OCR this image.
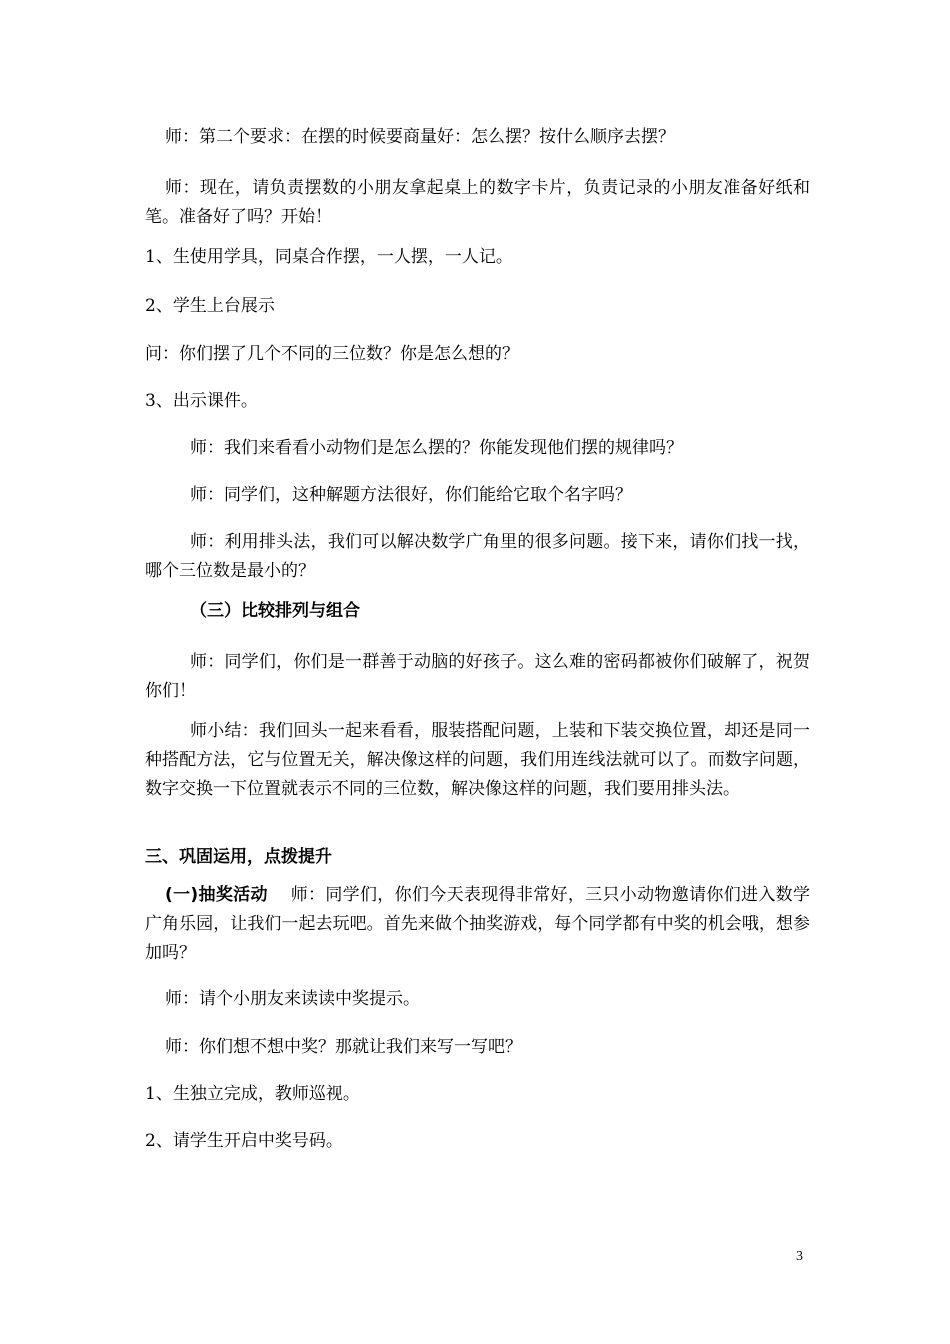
师：第二个要求：在摆的时候要商量好：怎么摆？按什么顺序去摆？

师：现在，请负责摆数的小朋友拿起桌上的数字卡片，负责记录的小朋友准备好纸和笔。准备好了吗？开始！

1、生使用学具，同桌合作摆，一人摆，一人记。

2、学生上台展示

问：你们摆了几个不同的三位数？你是怎么想的？

3、出示课件。

师：我们来看看小动物们是怎么摆的？你能发现他们摆的规律吗？

师：同学们，这种解题方法很好，你们能给它取个名字吗？

师：利用排头法，我们可以解决数学广角里的很多问题。接下来，请你们找一找，哪个三位数是最小的？

（三）比较排列与组合

师：同学们，你们是一群善于动脑的好孩子。这么难的密码都被你们破解了，祝贺你们！

师小结：我们回头一起来看看，服装搭配问题，上装和下装交换位置，却还是同一种搭配方法，它与位置无关，解决像这样的问题，我们用连线法就可以了。而数字问题，数字交换一下位置就表示不同的三位数，解决像这样的问题，我们要用排头法。

三、巩固运用，点拨提升

(一)抽奖活动 师：同学们，你们今天表现得非常好，三只小动物邀请你们进入数学广角乐园，让我们一起去玩吧。首先来做个抽奖游戏，每个同学都有中奖的机会哦，想参加吗？

师：请个小朋友来读读中奖提示。

师：你们想不想中奖？那就让我们来写一写吧？

1、生独立完成，教师巡视。

2、请学生开启中奖号码。

3
